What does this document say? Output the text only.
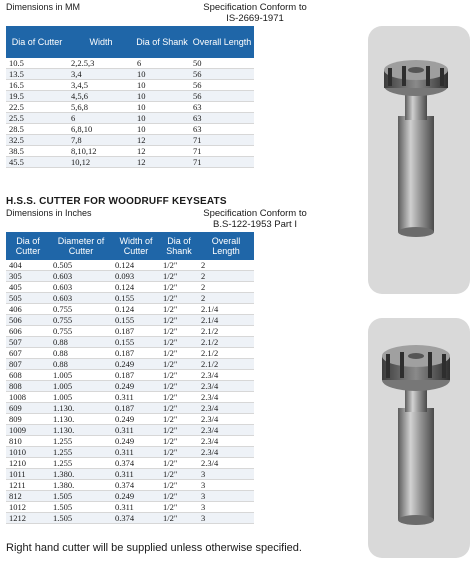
Dimensions in MM	Specification Conform to
IS-2669-1971
Dia of Cutter	Width	Dia of Shank	Overall Length
10.5	2,2.5,3	6	50
13.5	3,4	10	56
16.5	3,4,5	10	56
19.5	4,5,6	10	56
22.5	5,6,8	10	63
25.5	6	10	63
28.5	6,8,10	10	63
32.5	7,8	12	71
38.5	8,10,12	12	71
45.5	10,12	12	71
H.S.S. CUTTER FOR WOODRUFF KEYSEATS
Dimensions in Inches	Specification Conform to
B.S-122-1953 Part I
Dia of Cutter	Diameter of Cutter	Width of Cutter	Dia of Shank	Overall Length
404	0.505	0.124	1/2"	2
305	0.603	0.093	1/2"	2
405	0.603	0.124	1/2"	2
505	0.603	0.155	1/2"	2
406	0.755	0.124	1/2"	2.1/4
506	0.755	0.155	1/2"	2.1/4
606	0.755	0.187	1/2"	2.1/2
507	0.88	0.155	1/2"	2.1/2
607	0.88	0.187	1/2"	2.1/2
807	0.88	0.249	1/2"	2.1/2
608	1.005	0.187	1/2"	2.3/4
808	1.005	0.249	1/2"	2.3/4
1008	1.005	0.311	1/2"	2.3/4
609	1.130.	0.187	1/2"	2.3/4
809	1.130.	0.249	1/2"	2.3/4
1009	1.130.	0.311	1/2"	2.3/4
810	1.255	0.249	1/2"	2.3/4
1010	1.255	0.311	1/2"	2.3/4
1210	1.255	0.374	1/2"	2.3/4
1011	1.380.	0.311	1/2"	3
1211	1.380.	0.374	1/2"	3
812	1.505	0.249	1/2"	3
1012	1.505	0.311	1/2"	3
1212	1.505	0.374	1/2"	3
Right hand cutter will be supplied unless otherwise specified.
